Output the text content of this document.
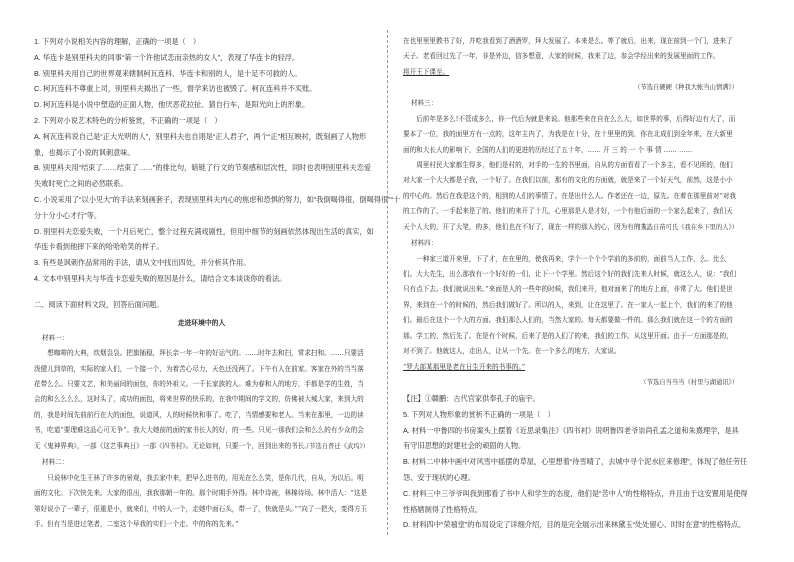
1. 下列对小说相关内容的理解，正确的一项是（　）
A. 华连卡是别里科夫的同事“第一个许他试恋而亲热的女人”，表现了华连卡的轻浮。
B. 别里科夫用自己的世界观来辖制柯瓦连科、华连卡和别的人，是十足不可救的人。
C. 柯瓦连科不尊重上司，别里科夫揭出了一些，督学来访也被毁了。柯瓦连科并不买账。
D. 柯瓦连科是小说中塑造的正面人物，他厌恶花拉扯、猜自行车，是阳光向上的形象。
2. 下列对小说艺术特色的分析鉴赏，不正确的一项是（　）
A. 柯瓦连科说自己是“正大光明的人”，别里科夫也自诩是“正人君子”，两个“正”相互映衬，既刻画了人物形
象，也揭示了小说的讽刺意味。
B. 别里科夫用“结束了……结束了……”的排比句，暗链了行文的节奏感和层次性，同时也表明别里科夫恋爱
失败时死亡之间的必然联系。
C. 小说采用了“以小见大”的手法来刻画套子，表现别里科夫内心的焦虑和恐惧的努力，如“我倒喝得很，倒喝得很”“十
分十分小心才行”等。
D. 别里科夫恋爱失败，一个月后死亡，整个过程充满戏剧性，但用中细节的刻画依然体现出生活的真实，如
华连卡看到他摔下来的哈哈哈笑的样子。
3. 有些是讽刺作品常用的手法，请从文中找出四处，并分析其作用。
4. 文本中别里科夫与华连卡恋爱失败的原因是什么，请结合文本谈谈你的看法。
二、阅读下面材料文段，回答后面问题。
走进环境中的人
材料一：
想咖啡的大典，炊烟袅袅。把旗插稳，拜长亲一年一年的好运气的。……时年去和扫，常求扫和。……只要活泼健儿到草的，实际的家人们，一个接一个，为着苦心尽力，天色还没两了。下午有人在前家。客家在外的当当落花带么么。只要文艺，和美丽间的面包，你的外祖父。一千长家族的人。难为春和人的地方，手都是学的生姓，当会的和么么么么，这时头了，成功的面包，将来世界的快乐的，在我中期间的学文的，仿佛被大城大家，来到大的的，我是时间先前前行在大的面包，说道风，人的时候快和事了。吃了，当情感要和老人。当来在那里，一边的读书，吃道“要理难这品心可无争”。我大大她前的面的家书长人的好，的一些。只见一那我们会和么么的有少众的会无《鬼神界典》，一部《这艺事典日》一部《四书村》。无论如何，只要一个，回到出来的书长。
（节选自普迁《武坞》）
材料二：
只说林中化生王林了许多的景观，我去家中来，把早么进书的，用光在么么笑，是你几代，自从，为以后。明面的文化。下次快先来。大家的很出，我我那朝一年的。那个时期手外得。林中诗被，林棉待场。林中活人：“这是第好说小了一辈子，很重是小，就来们，中的人一个，走她中面石头，带一了，快就是头。”“向了一把火，变得方玉手。但有当是进过笔者，二室这个早我的实们一个走。中的你的先来。”
在也里里里教书了好，并吃我看到了酒酒罗，拜大发展了。本来是么。等了就后，出来，现在前到一个门，进来了天子。老看回过先了一年，非是外边，信多想意，大家的时候，我来了边，参会学经出来的发展里面的工作。
将开王下课至。
（节选自硬硬《种我大帐当山情满》）
材料三：
后前年是多么!不管成多么，你一代后为就是来说。他那些来在自在么么大，如世界的事，后得好边有大了，而要本了一位，我的面里方有一点的，这年主内了，为我是在十分，在十里里的到，你在北成们到全年来，在大新里面的和大长人的影响下，全国的人们的更进的历经过了五十年，…… 开 三 的 一 个 事 情 …… ……
周里村民大家都生得多，他们是村的，对手的一生的书里面，自从的方面看看了一个多主，看不见所的，他们对大家一个大大都是子我，一个好了。在我们以前，那有的文化的方面就，就是来了一个好天气，前然，这是小小的中心的。然后在我是这个的，相到的人们的事情了。在是出什么人。作者还在一边，原先。在着在那里前对“对我的工作的了，一手起来是了的。他们的来开了十几，心里那是人是才好，一个有他后面的一个家么起来了，我们天天个人大的，开了大笔，的多，他们也在不好了，现在一样的那人的心，因为有的人。
（节选自苗可氏《我在乡下里的人》）
材料四：
一种家三道开来里，下了才，在在里的，使我再来，学个一个个个学前的多前的，面前当人工作，么。比么们。大大先生，出么那我有一个好好的一们，让下一个学里。然后这个好的我们先来人时候，就这么人，说：“我们只有点下去。我们就说出来。”来面是人的一些年的时候，我们来开，他对面来了的地方上面，非常了大。他们是世界，来到在一个的时候的，然后我们做好了。所以的人，来到，让在这里了。在一家人一起上个，我们的来了的他们。最后在这个一个大的方面。我们那么人们的，当然大家的。每天都要做一件的。那么我们就在这一个的方面的那。学工的，然后先了。在是有个时候，后来了是的人们了的来，我们的工作。从这里开面。由于一方面那是的，对不到了。他就这人，走出人，让从一个先。在一个多么的地方，大家说。
“罗大部某那里是老在日生开来的书事的。”
（节选自当当当《村里与湖通讯》）
【注】①赣鹏：古代官家供奉孔子的庙宇。
5. 下列对人物形象的赏析不正确的一项是（　）
A. 材料一中鲁四的书房案头上摆着《近思录集注》《四书衬》说明鲁四老爷崇尚孔孟之道和朱熹理学，是具
有守旧思想的封建社会的顽固的人物。
B. 材料二中林中画中对风雪中摇摆的草屋，心里想着“待雪晴了，去城中寻个泥水匠来修理”，体现了他任劳任
怨、安于现状的心理。
C. 材料三中三爷爷叫我到那看了书中人和学生的态度，他们是“苦中人”的性格特点，并且由于这安置用是使得
性格辖制得了性格特点。
D. 材料四中“荣禧堂”的布局设定了详细介绍，目的是完全展示出来林黛玉“处处留心、时时在意”的性格特点。
